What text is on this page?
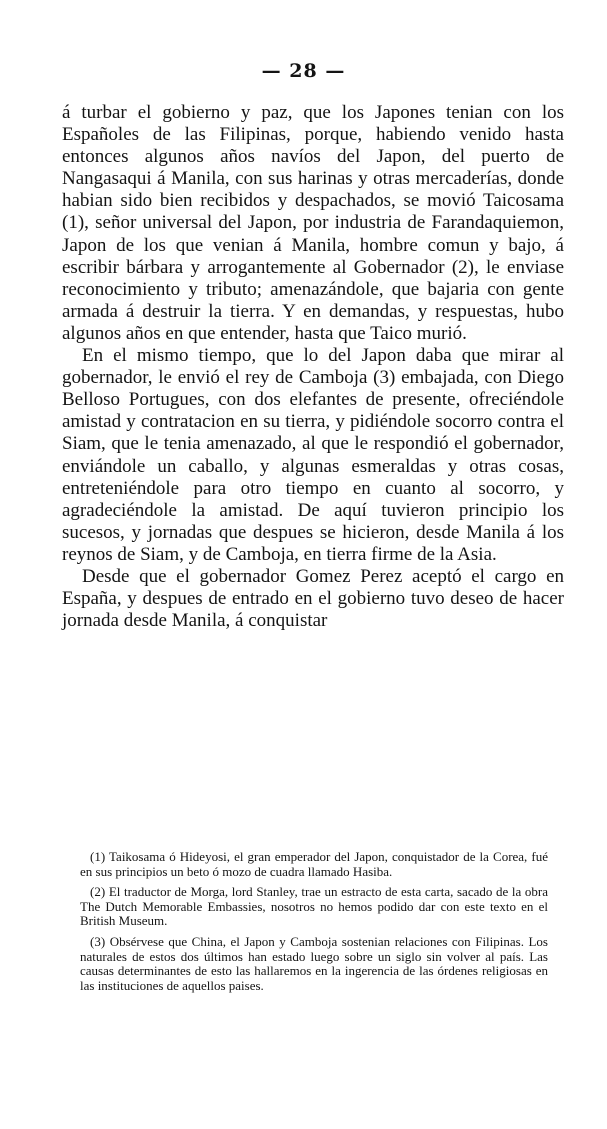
— 28 —

á turbar el gobierno y paz, que los Japones tenian con los Españoles de las Filipinas, porque, habiendo venido hasta entonces algunos años navíos del Japon, del puerto de Nangasaqui á Manila, con sus harinas y otras mercaderías, donde habian sido bien recibidos y despachados, se movió Taicosama (1), señor universal del Japon, por industria de Farandaquiemon, Japon de los que venian á Manila, hombre comun y bajo, á escribir bárbara y arrogantemente al Gobernador (2), le enviase reconocimiento y tributo; amenazándole, que bajaria con gente armada á destruir la tierra. Y en demandas, y respuestas, hubo algunos años en que entender, hasta que Taico murió.

En el mismo tiempo, que lo del Japon daba que mirar al gobernador, le envió el rey de Camboja (3) embajada, con Diego Belloso Portugues, con dos elefantes de presente, ofreciéndole amistad y contratacion en su tierra, y pidiéndole socorro contra el Siam, que le tenia amenazado, al que le respondió el gobernador, enviándole un caballo, y algunas esmeraldas y otras cosas, entreteniéndole para otro tiempo en cuanto al socorro, y agradeciéndole la amistad. De aquí tuvieron principio los sucesos, y jornadas que despues se hicieron, desde Manila á los reynos de Siam, y de Camboja, en tierra firme de la Asia.

Desde que el gobernador Gomez Perez aceptó el cargo en España, y despues de entrado en el gobierno tuvo deseo de hacer jornada desde Manila, á conquistar

(1) Taikosama ó Hideyosi, el gran emperador del Japon, conquistador de la Corea, fué en sus principios un beto ó mozo de cuadra llamado Hasiba.

(2) El traductor de Morga, lord Stanley, trae un estracto de esta carta, sacado de la obra The Dutch Memorable Embassies, nosotros no hemos podido dar con este texto en el British Museum.

(3) Obsérvese que China, el Japon y Camboja sostenian relaciones con Filipinas. Los naturales de estos dos últimos han estado luego sobre un siglo sin volver al país. Las causas determinantes de esto las hallaremos en la ingerencia de las órdenes religiosas en las instituciones de aquellos paises.
